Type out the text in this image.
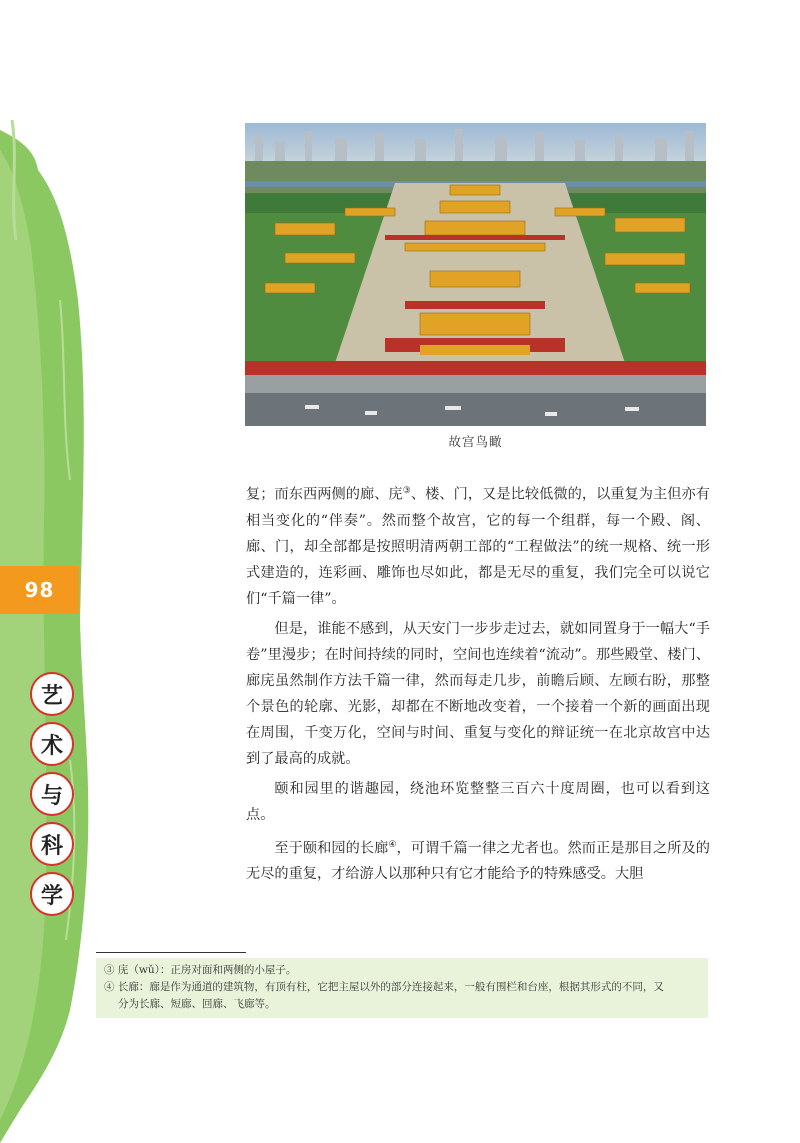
98
艺
术
与
科
学
故宫鸟瞰

复；而东西两侧的廊、庑③、楼、门，又是比较低微的，以重复为主但亦有相当变化的“伴奏”。然而整个故宫，它的每一个组群，每一个殿、阁、廊、门，却全部都是按照明清两朝工部的“工程做法”的统一规格、统一形式建造的，连彩画、雕饰也尽如此，都是无尽的重复，我们完全可以说它们“千篇一律”。

但是，谁能不感到，从天安门一步步走过去，就如同置身于一幅大“手卷”里漫步；在时间持续的同时，空间也连续着“流动”。那些殿堂、楼门、廊庑虽然制作方法千篇一律，然而每走几步，前瞻后顾、左顾右盼，那整个景色的轮廓、光影，却都在不断地改变着，一个接着一个新的画面出现在周围，千变万化，空间与时间、重复与变化的辩证统一在北京故宫中达到了最高的成就。

颐和园里的谐趣园，绕池环览整整三百六十度周圈，也可以看到这点。

至于颐和园的长廊④，可谓千篇一律之尤者也。然而正是那目之所及的无尽的重复，才给游人以那种只有它才能给予的特殊感受。大胆

③ 庑（wǔ）：正房对面和两侧的小屋子。
④ 长廊：廊是作为通道的建筑物，有顶有柱，它把主屋以外的部分连接起来，一般有围栏和台座，根据其形式的不同，又
分为长廊、短廊、回廊、飞廊等。
